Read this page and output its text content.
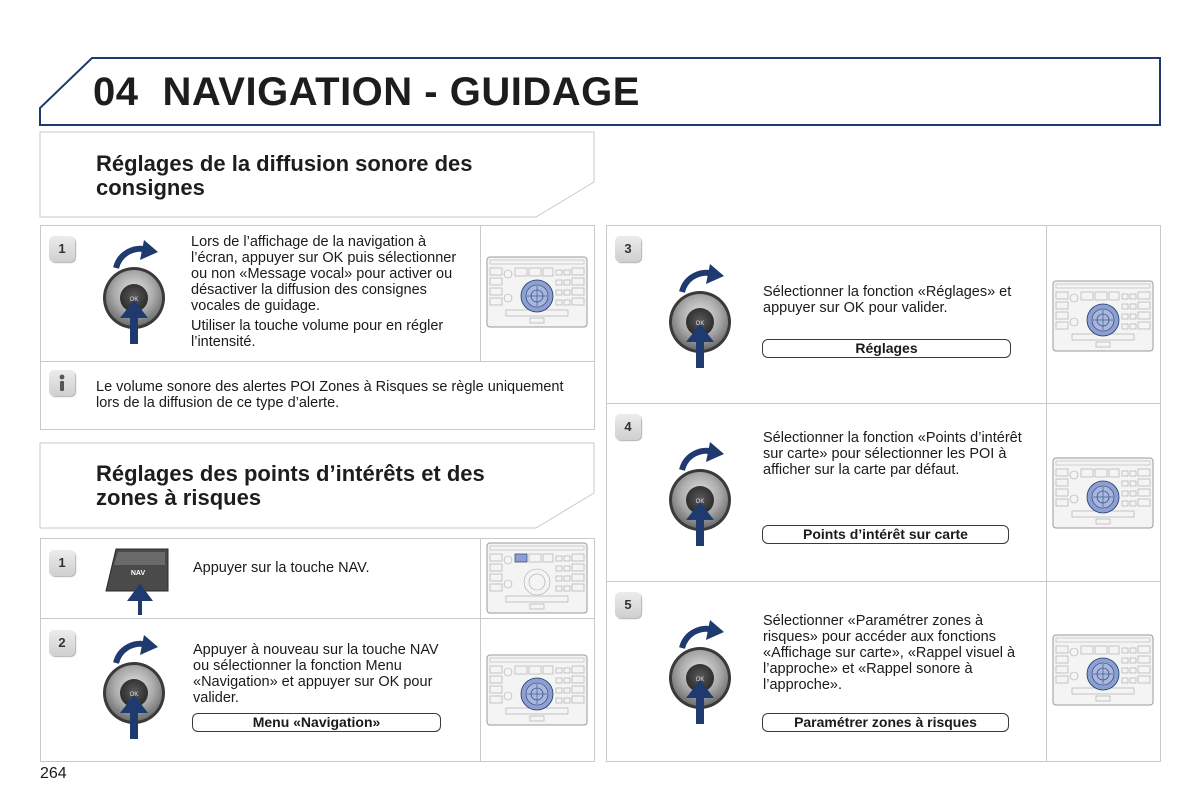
04 NAVIGATION - GUIDAGE
Réglages de la diffusion sonore des
consignes
1	Lors de l’affichage de la navigation à l’écran, appuyer sur OK puis sélectionner ou non «Message vocal» pour activer ou désactiver la diffusion des consignes vocales de guidage.

Utiliser la touche volume pour en régler l’intensité.

Le volume sonore des alertes POI Zones à Risques se règle uniquement lors de la diffusion de ce type d’alerte.
Réglages des points d’intérêts et des
zones à risques
1
NAV	Appuyer sur la touche NAV.
2	Appuyer à nouveau sur la touche NAV ou sélectionner la fonction Menu «Navigation» et appuyer sur OK pour valider.
Menu «Navigation»
3
Sélectionner la fonction «Réglages» et appuyer sur OK pour valider.
Réglages
4
Sélectionner la fonction «Points d’intérêt sur carte» pour sélectionner les POI à afficher sur la carte par défaut.
Points d’intérêt sur carte
5
Sélectionner «Paramétrer zones à risques» pour accéder aux fonctions «Affichage sur carte», «Rappel visuel à l’approche» et «Rappel sonore à l’approche».
Paramétrer zones à risques
264
